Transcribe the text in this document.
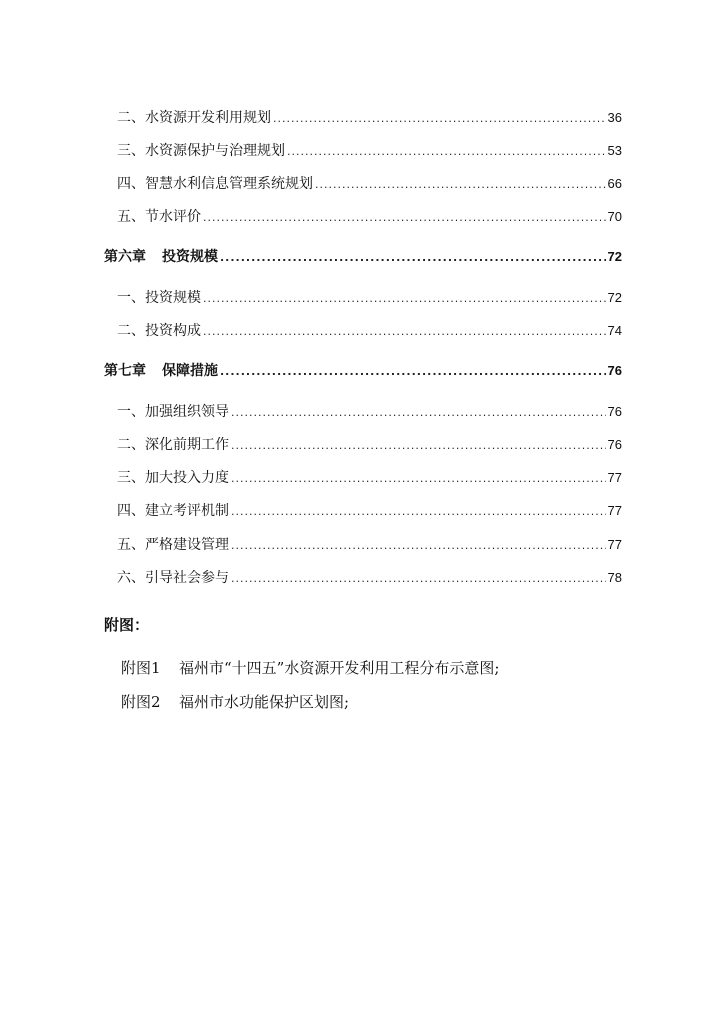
二、 水资源开发利用规划 .....	36
三、 水资源保护与治理规划 .....	53
四、 智慧水利信息管理系统规划 .....	66
五、 节水评价 .....	70
第六章 投资规模 .....	72
一、 投资规模 .....	72
二、 投资构成 .....	74
第七章 保障措施 .....	76
一、 加强组织领导 .....	76
二、 深化前期工作 .....	76
三、 加大投入力度 .....	77
四、 建立考评机制 .....	77
五、 严格建设管理 .....	77
六、 引导社会参与 .....	78
附图：
附图1 福州市“十四五”水资源开发利用工程分布示意图;
附图2 福州市水功能保护区划图;
